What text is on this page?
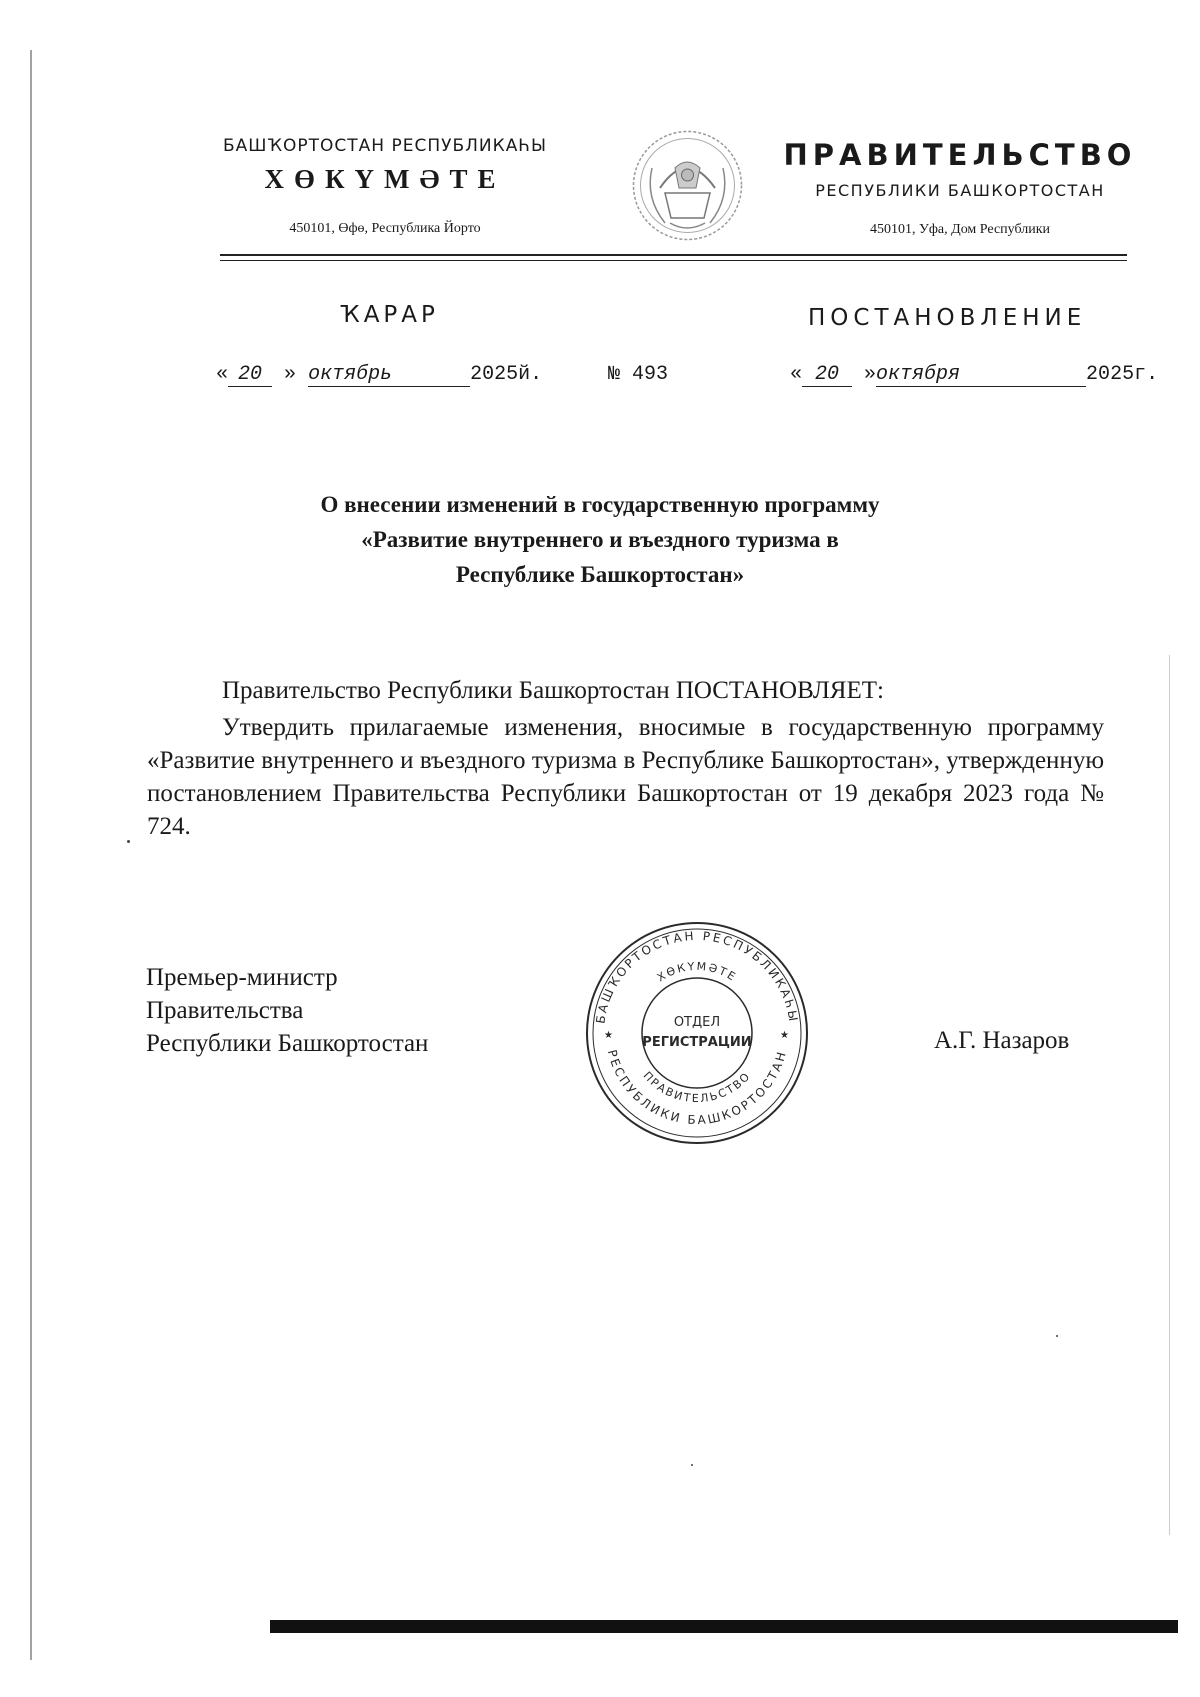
БАШҠОРТОСТАН РЕСПУБЛИКАҺЫ
ХӨКҮМӘТЕ
450101, Өфө, Республика Йорто
ПРАВИТЕЛЬСТВО
РЕСПУБЛИКИ БАШКОРТОСТАН
450101, Уфа, Дом Республики
ҠАРАР	ПОСТАНОВЛЕНИЕ
« 20 » октябрь	2025й.	№ 493	« 20 »октября	2025г.
О внесении изменений в государственную программу
«Развитие внутреннего и въездного туризма в
Республике Башкортостан»
Правительство Республики Башкортостан ПОСТАНОВЛЯЕТ:
Утвердить прилагаемые изменения, вносимые в государственную программу «Развитие внутреннего и въездного туризма в Республике Башкортостан», утвержденную постановлением Правительства Республики Башкортостан от 19 декабря 2023 года № 724.
Премьер-министр
Правительства
Республики Башкортостан
БАШҠОРТОСТАН РЕСПУБЛИКАҺЫ
РЕСПУБЛИКИ БАШКОРТОСТАН
ХӨКҮМӘТЕ
ПРАВИТЕЛЬСТВО
★	★
ОТДЕЛ
РЕГИСТРАЦИИ	А.Г. Назаров
